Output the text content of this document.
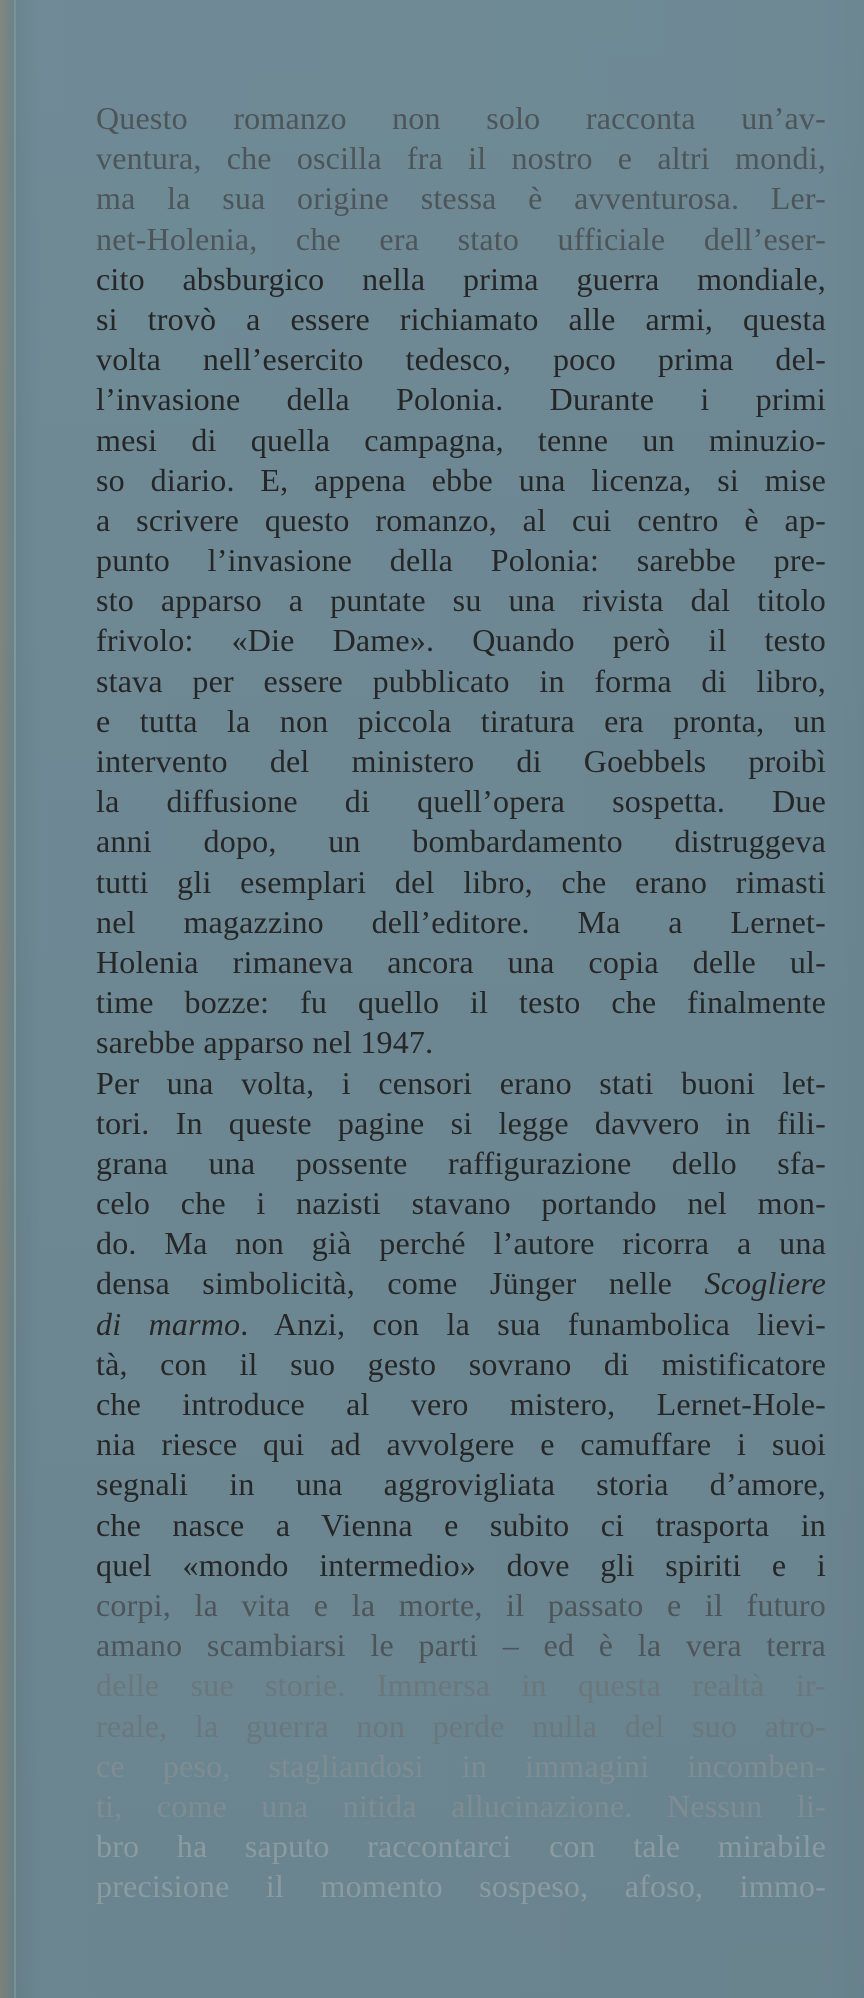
Questo romanzo non solo racconta un’av-
ventura, che oscilla fra il nostro e altri mondi,
ma la sua origine stessa è avventurosa. Ler-
net-Holenia, che era stato ufficiale dell’eser-
cito absburgico nella prima guerra mondiale,
si trovò a essere richiamato alle armi, questa
volta nell’esercito tedesco, poco prima del-
l’invasione della Polonia. Durante i primi
mesi di quella campagna, tenne un minuzio-
so diario. E, appena ebbe una licenza, si mise
a scrivere questo romanzo, al cui centro è ap-
punto l’invasione della Polonia: sarebbe pre-
sto apparso a puntate su una rivista dal titolo
frivolo: «Die Dame». Quando però il testo
stava per essere pubblicato in forma di libro,
e tutta la non piccola tiratura era pronta, un
intervento del ministero di Goebbels proibì
la diffusione di quell’opera sospetta. Due
anni dopo, un bombardamento distruggeva
tutti gli esemplari del libro, che erano rimasti
nel magazzino dell’editore. Ma a Lernet-
Holenia rimaneva ancora una copia delle ul-
time bozze: fu quello il testo che finalmente
sarebbe apparso nel 1947.
Per una volta, i censori erano stati buoni let-
tori. In queste pagine si legge davvero in fili-
grana una possente raffigurazione dello sfa-
celo che i nazisti stavano portando nel mon-
do. Ma non già perché l’autore ricorra a una
densa simbolicità, come Jünger nelle Scogliere
di marmo. Anzi, con la sua funambolica lievi-
tà, con il suo gesto sovrano di mistificatore
che introduce al vero mistero, Lernet-Hole-
nia riesce qui ad avvolgere e camuffare i suoi
segnali in una aggrovigliata storia d’amore,
che nasce a Vienna e subito ci trasporta in
quel «mondo intermedio» dove gli spiriti e i
corpi, la vita e la morte, il passato e il futuro
amano scambiarsi le parti – ed è la vera terra
delle sue storie. Immersa in questa realtà ir-
reale, la guerra non perde nulla del suo atro-
ce peso, stagliandosi in immagini incomben-
ti, come una nitida allucinazione. Nessun li-
bro ha saputo raccontarci con tale mirabile
precisione il momento sospeso, afoso, immo-
